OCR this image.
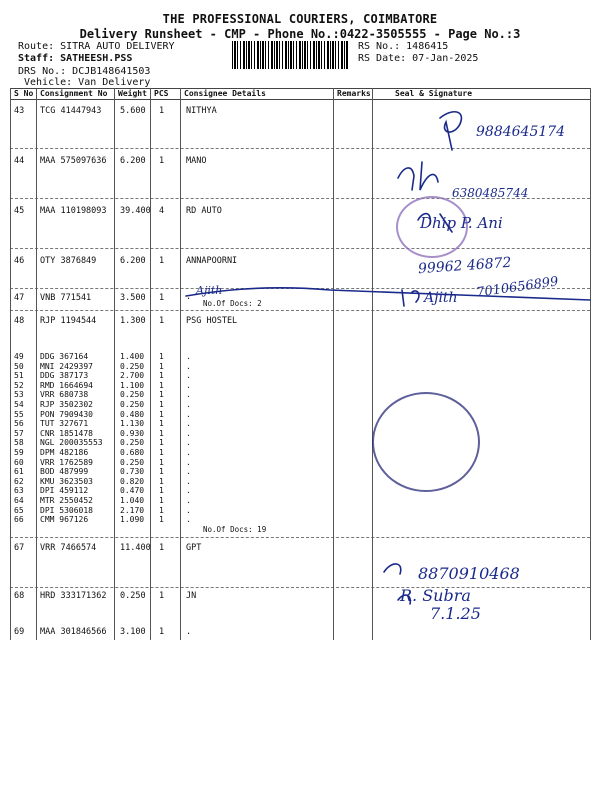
THE PROFESSIONAL COURIERS, COIMBATORE
Delivery Runsheet - CMP - Phone No.:0422-3505555 - Page No.:3
Route: SITRA AUTO DELIVERY
Staff: SATHEESH.PSS
DRS No.: DCJB148641503
Vehicle: Van Delivery
RS No.: 1486415
RS Date: 07-Jan-2025
S No Consignment No Weight PCS Consignee Details	Remarks	Seal & Signature
43 TCG 41447943 5.600 1	NITHYA
44 MAA 575097636 6.200 1	MANO
45 MAA 110198093 39.400 4	RD AUTO
46 OTY 3876849	6.200 1	ANNAPOORNI
47 VNB 771541	3.500 1	.
No.Of Docs: 2
48 RJP 1194544	1.300 1	PSG HOSTEL
49 DDG 367164	1.400 1	.
50 MNI 2429397	0.250 1	.
51 DDG 387173	2.700 1	.
52 RMD 1664694	1.100 1	.
53 VRR 680738	0.250 1	.
54 RJP 3502302	0.250 1	.
55 PON 7909430	0.480 1	.
56 TUT 327671	1.130 1	.
57 CNR 1851478	0.930 1	.
58 NGL 200035553 0.250 1	.
59 DPM 482186	0.680 1	.
60 VRR 1762589	0.250 1	.
61 BOD 487999	0.730 1	.
62 KMU 3623503	0.820 1	.
63 DPI 459112	0.470 1	.
64 MTR 2550452	1.040 1	.
65 DPI 5306018	2.170 1	.
66 CMM 967126	1.090 1	.
No.Of Docs: 19
67 VRR 7466574	11.400 1	GPT
68 HRD 333171362 0.250 1	JN
69 MAA 301846566 3.100 1	.
9884645174
6380485744
Dhip P. Ani
99962 46872
Ajith	Ajith 7010656899
8870910468
R. Subra
7.1.25
